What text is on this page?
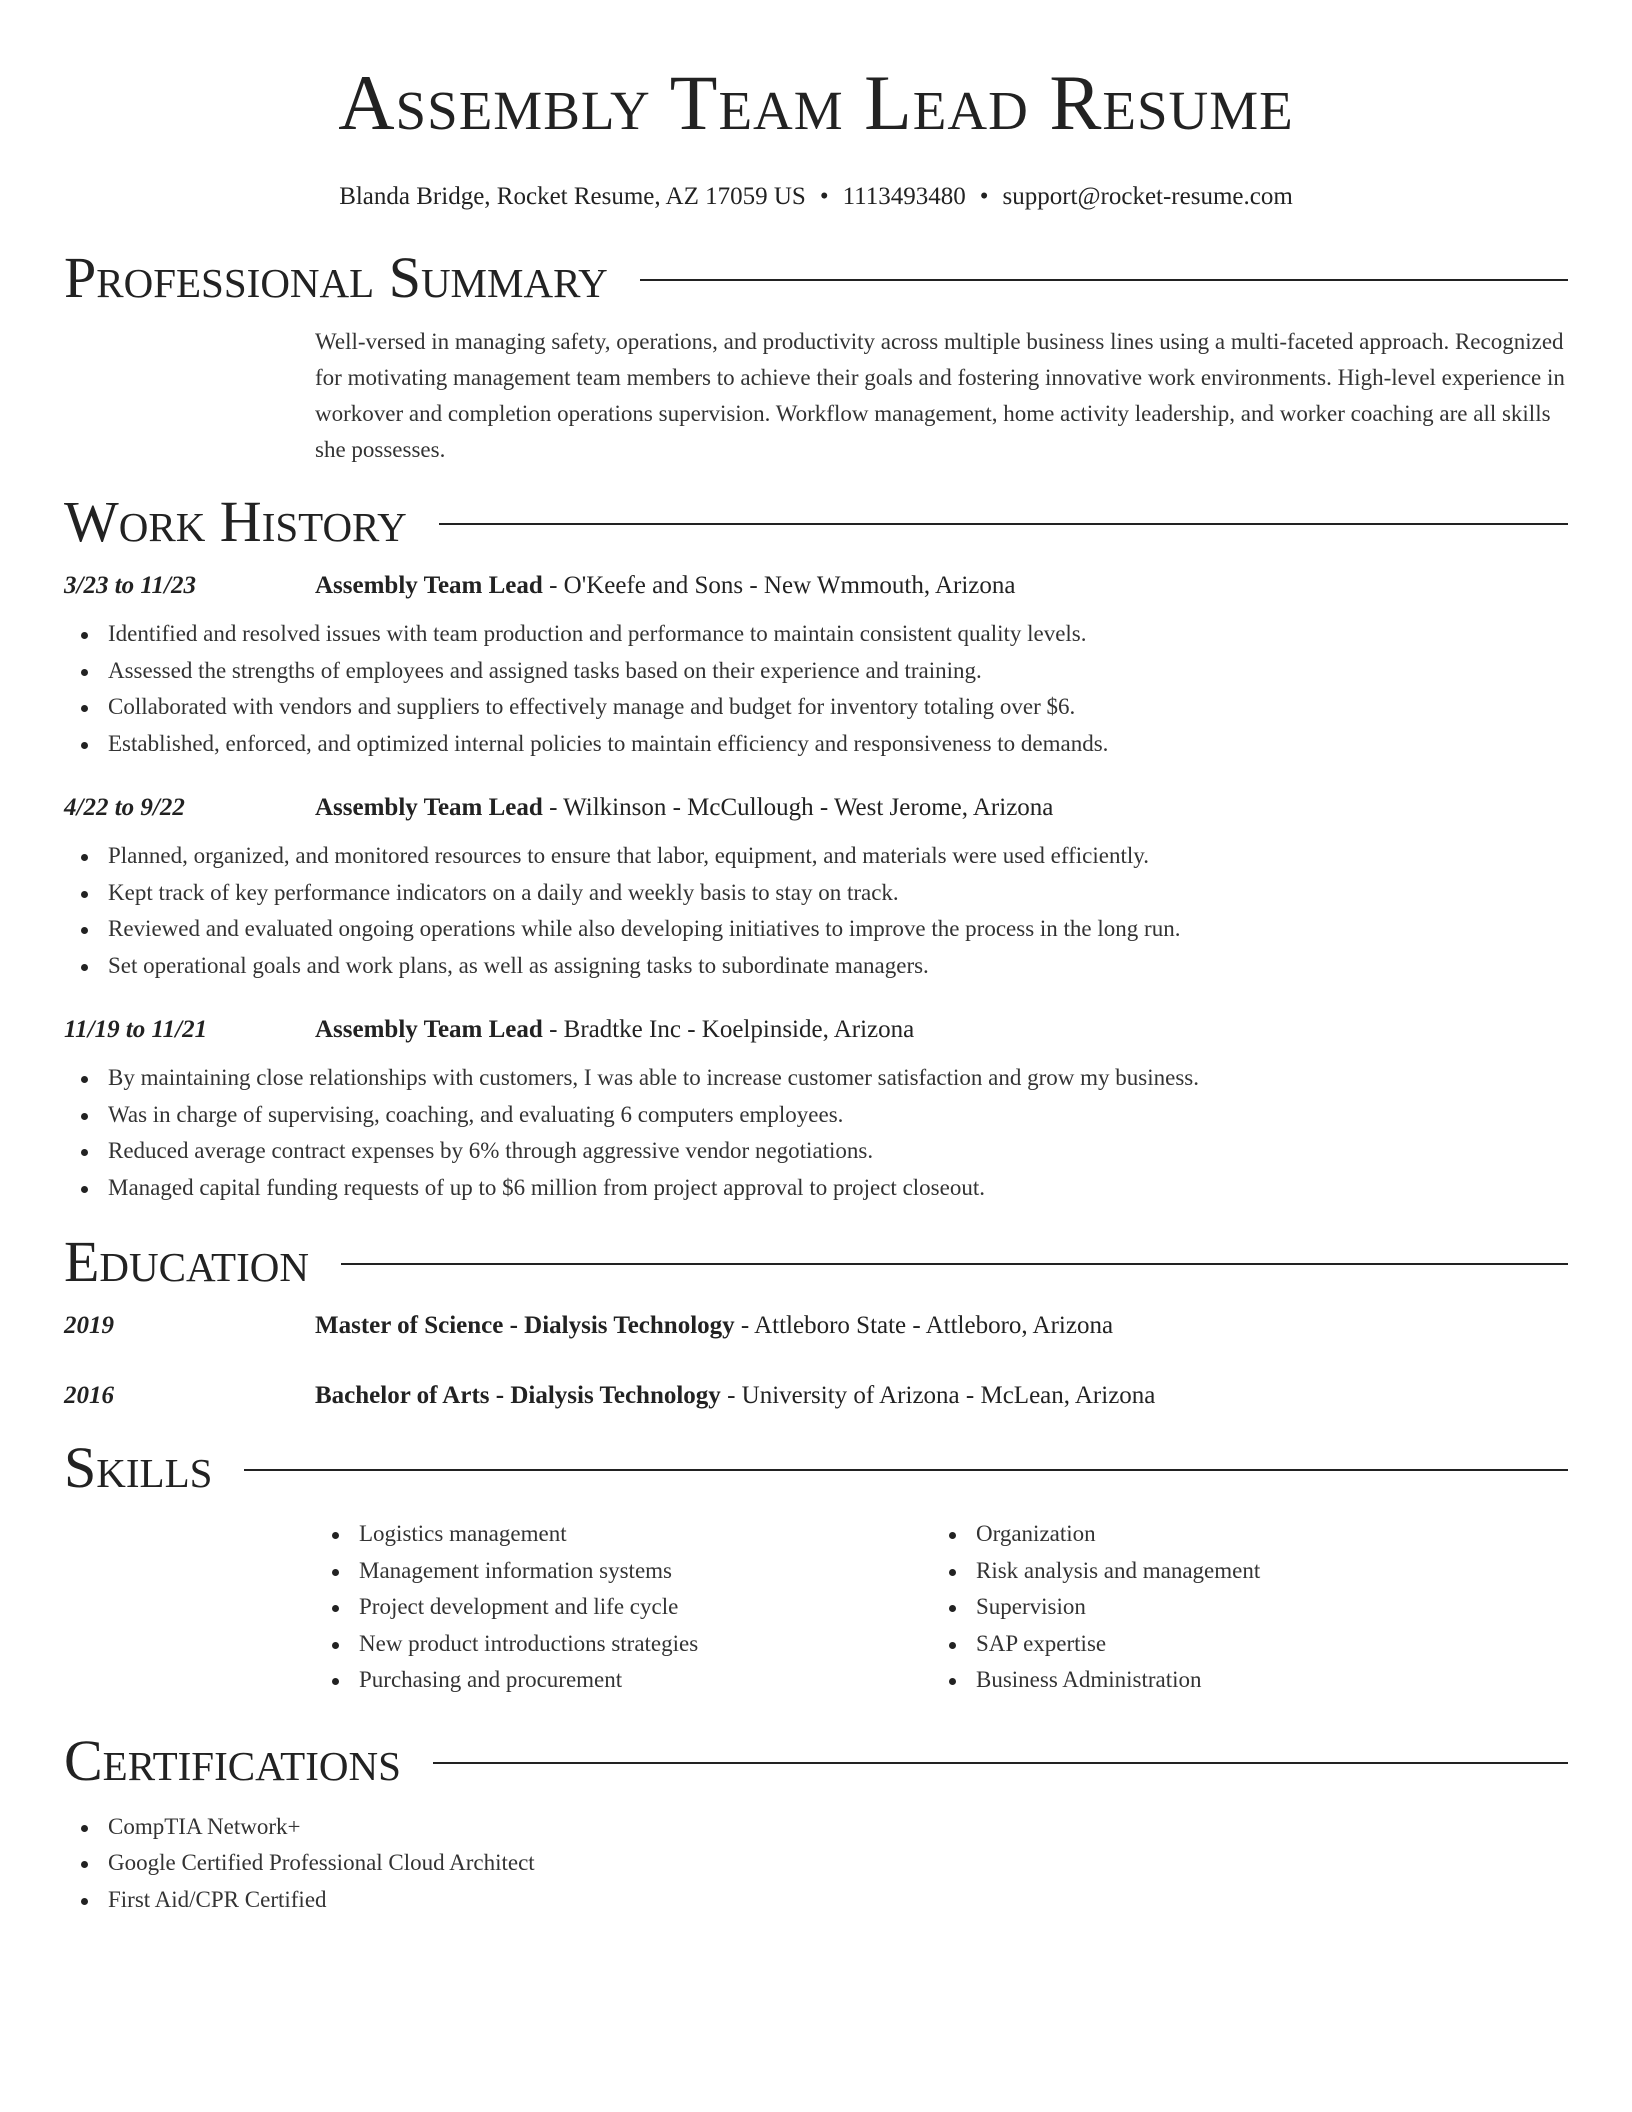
Assembly Team Lead Resume
Blanda Bridge, Rocket Resume, AZ 17059 US • 1113493480 • support@rocket-resume.com
Professional Summary
Well-versed in managing safety, operations, and productivity across multiple business lines using a multi-faceted approach. Recognized for motivating management team members to achieve their goals and fostering innovative work environments. High-level experience in workover and completion operations supervision. Workflow management, home activity leadership, and worker coaching are all skills she possesses.
Work History
3/23 to 11/23	Assembly Team Lead - O'Keefe and Sons - New Wmmouth, Arizona
Identified and resolved issues with team production and performance to maintain consistent quality levels.
Assessed the strengths of employees and assigned tasks based on their experience and training.
Collaborated with vendors and suppliers to effectively manage and budget for inventory totaling over $6.
Established, enforced, and optimized internal policies to maintain efficiency and responsiveness to demands.
4/22 to 9/22	Assembly Team Lead - Wilkinson - McCullough - West Jerome, Arizona
Planned, organized, and monitored resources to ensure that labor, equipment, and materials were used efficiently.
Kept track of key performance indicators on a daily and weekly basis to stay on track.
Reviewed and evaluated ongoing operations while also developing initiatives to improve the process in the long run.
Set operational goals and work plans, as well as assigning tasks to subordinate managers.
11/19 to 11/21	Assembly Team Lead - Bradtke Inc - Koelpinside, Arizona
By maintaining close relationships with customers, I was able to increase customer satisfaction and grow my business.
Was in charge of supervising, coaching, and evaluating 6 computers employees.
Reduced average contract expenses by 6% through aggressive vendor negotiations.
Managed capital funding requests of up to $6 million from project approval to project closeout.
Education
2019	Master of Science - Dialysis Technology - Attleboro State - Attleboro, Arizona
2016	Bachelor of Arts - Dialysis Technology - University of Arizona - McLean, Arizona
Skills
Logistics management
Management information systems
Project development and life cycle
New product introductions strategies
Purchasing and procurement
Organization
Risk analysis and management
Supervision
SAP expertise
Business Administration
Certifications
CompTIA Network+
Google Certified Professional Cloud Architect
First Aid/CPR Certified
